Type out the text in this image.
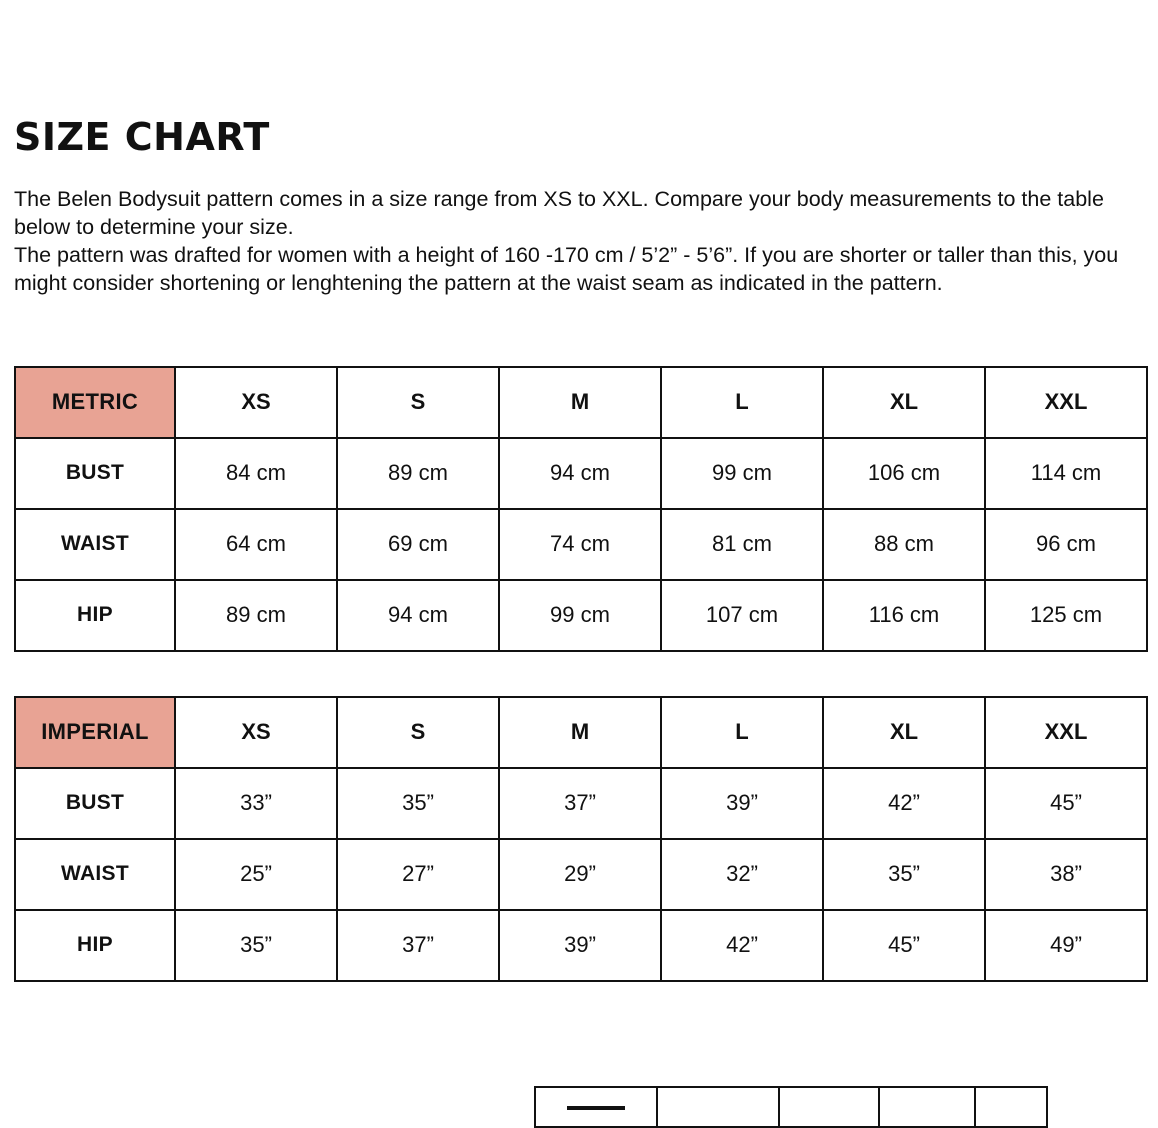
SIZE CHART

The Belen Bodysuit pattern comes in a size range from XS to XXL. Compare your body measurements to the table below to determine your size.

The pattern was drafted for women with a height of 160 -170 cm / 5’2” - 5’6”. If you are shorter or taller than this, you might consider shortening or lenghtening the pattern at the waist seam as indicated in the pattern.

METRIC	XS	S	M	L	XL	XXL
BUST	84 cm	89 cm	94 cm	99 cm	106 cm	114 cm
WAIST	64 cm	69 cm	74 cm	81 cm	88 cm	96 cm
HIP	89 cm	94 cm	99 cm	107 cm	116 cm	125 cm
IMPERIAL	XS	S	M	L	XL	XXL
BUST	33”	35”	37”	39”	42”	45”
WAIST	25”	27”	29”	32”	35”	38”
HIP	35”	37”	39”	42”	45”	49”
